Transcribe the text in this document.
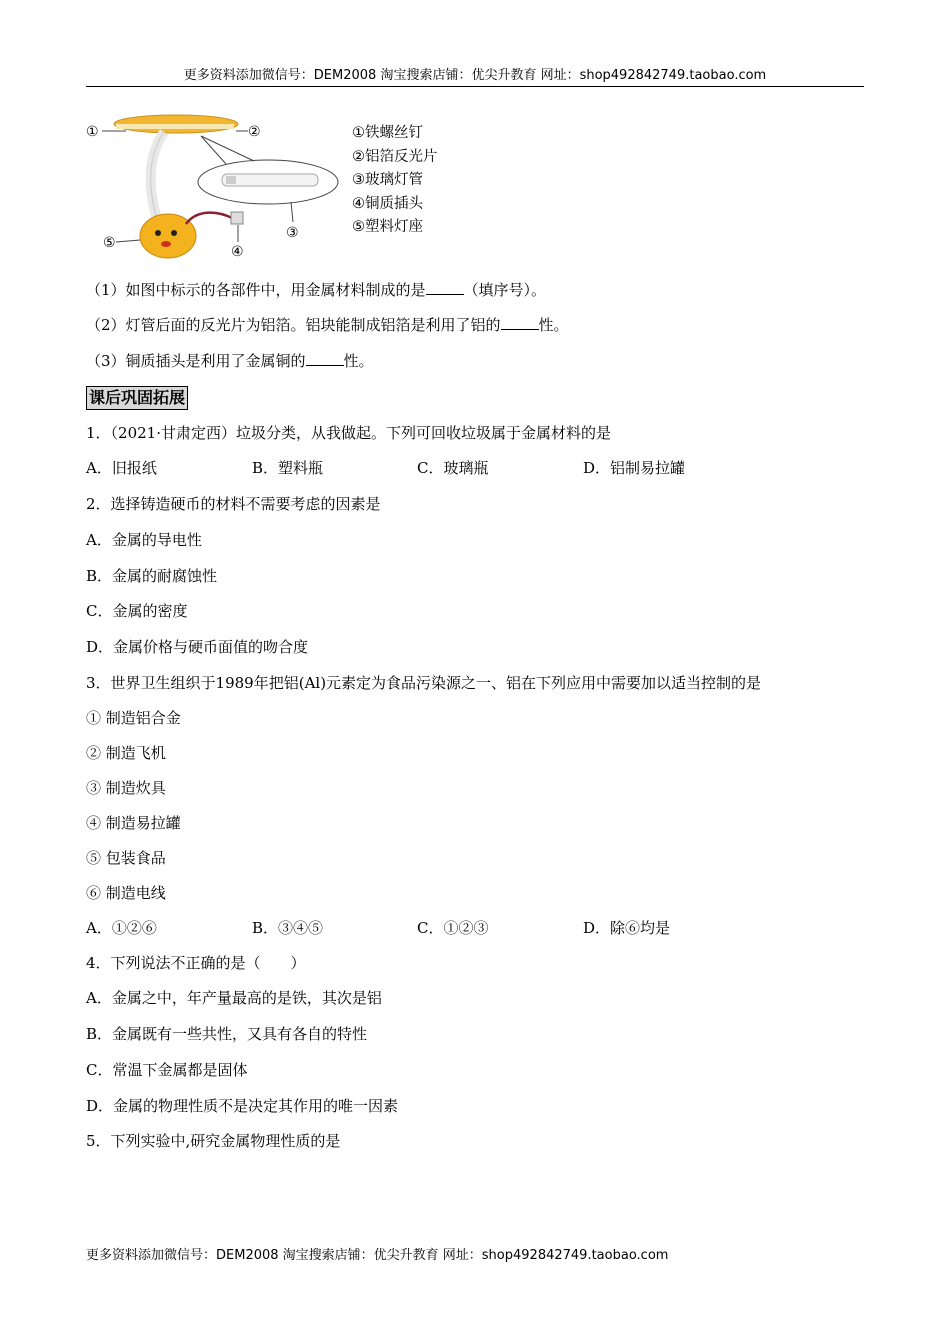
更多资料添加微信号：DEM2008 淘宝搜索店铺：优尖升教育 网址：shop492842749.taobao.com
①	②
③
④
⑤
①铁螺丝钉
②铝箔反光片
③玻璃灯管
④铜质插头
⑤塑料灯座
（1）如图中标示的各部件中，用金属材料制成的是	（填序号）。
（2）灯管后面的反光片为铝箔。铝块能制成铝箔是利用了铝的	性。
（3）铜质插头是利用了金属铜的	性。
课后巩固拓展
1．（2021·甘肃定西）垃圾分类，从我做起。下列可回收垃圾属于金属材料的是
A．旧报纸	B．塑料瓶	C．玻璃瓶	D．铝制易拉罐
2．选择铸造硬币的材料不需要考虑的因素是
A．金属的导电性
B．金属的耐腐蚀性
C．金属的密度
D．金属价格与硬币面值的吻合度
3．世界卫生组织于1989年把铝(Al)元素定为食品污染源之一、铝在下列应用中需要加以适当控制的是
① 制造铝合金
② 制造飞机
③ 制造炊具
④ 制造易拉罐
⑤ 包装食品
⑥ 制造电线
A．①②⑥	B．③④⑤	C．①②③	D．除⑥均是
4．下列说法不正确的是（　　）
A．金属之中，年产量最高的是铁，其次是铝
B．金属既有一些共性，又具有各自的特性
C．常温下金属都是固体
D．金属的物理性质不是决定其作用的唯一因素
5．下列实验中,研究金属物理性质的是
更多资料添加微信号：DEM2008 淘宝搜索店铺：优尖升教育 网址：shop492842749.taobao.com
